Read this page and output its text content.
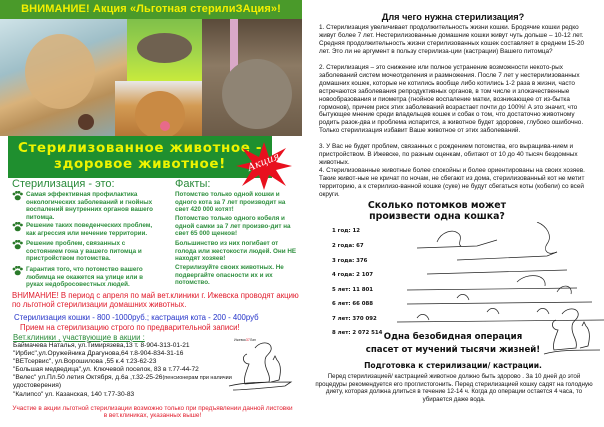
ВНИМАНИЕ! Акция «Льготная стерилиЗАция»!
Стерилизованное животное -
здоровое животное!	Акция
Стерилизация - это:
Самая эффективная профилактика онкологических заболеваний и гнойных воспалений внутренних органов вашего питомца.
Решение таких поведенческих проблем, как агрессия или мечение территории.
Решение проблем, связанных с состоянием гона у вашего питомца и пристройством потомства.
Гарантия того, что потомство вашего любимца не окажется на улице или в руках недобросовестных людей.
Факты:
Потомство только одной кошки и одного кота за 7 лет производит на свет 420 000 котят!
Потомство только одного кобеля и одной самки за 7 лет произво-дит на свет 65 000 щенков!
Большинство из них погибает от голода или жестокости людей. Они НЕ находят хозяев!
Стерилизуйте своих животных. Не подвергайте опасности их и их потомство.
ВНИМАНИЕ! В период с апреля по май вет.клиники г. Ижевска проводят акцию по льготной стерилизации домашних животных.
Стерилизация кошки - 800 -1000руб.; кастрация кота - 200 - 400руб
Прием на стерилизацию строго по предварительной записи!
Вет.клиники , участвующие в акции :
Баймачева Наталья, ул.Тимирязева,13 т. 8-904-313-01-21
"Ирбис",ул.Оружейника Драгунова,64 т.8-904-834-31-16
"ВЕТсервис", ул.Ворошилова ,55 к.4 т.23-62-23
"Большая медведица",ул. Ключевой поселок, 83 в т.77-44-72
"Велес" ул.Пл.50 летия Октября, д.6а ,т.32-25-26(пенсионерам при наличии
удостоверения)
"Калипсо" ул. Казанская, 140 т.77-30-83
Ижевск37Лап
Участие в акции льготной стерилизации возможно только при предъявлении данной листовки в вет.клиниках, указанных выше!
Для чего нужна стерилизация?
1. Стерилизация увеличивает продолжительность жизни кошки. Бродячие кошки редко живут более 7 лет. Нестерилизованные домашние кошки живут чуть дольше – 10-12 лет. Средняя продолжительность жизни стерилизованных кошек составляет в среднем 15-20 лет. Это ли не аргумент в пользу стерилиза-ции (кастрации) Вашего питомца?
2. Стерилизация – это снижение или полное устранение возможности некото-рых заболеваний систем мочеотделения и размножения. После 7 лет у нестерилизованных домашних кошек, которые не котились вообще либо котились 1-2 раза в жизни, часто встречаются заболевания репродуктивных органов, в том числе и злокачественные новообразования и пиометра (гнойное воспаление матки, возникающее от из-бытка гормонов), причем риск этих заболеваний возрастает почти до 100%! А это значит, что бытующее мнение среди владельцев кошек и собак о том, что достаточно животному родить разок-два и проблема испарится, а животное будет здоровее, глубоко ошибочно. Только стерилизация избавит Ваше животное от этих заболеваний.
3. У Вас не будет проблем, связанных с рождением потомства, его выращива-нием и пристройством. В Ижевске, по разным оценкам, обитают от 10 до 40 тысяч бездомных животных.
4. Стерилизованные животные более спокойны и более ориентированы на своих хозяев. Такие живот-ные не кричат по ночам, не сбегают из дома, стерилизованный кот не метит территорию, а к стерилизо-ванной кошке (суке) не будут сбегаться коты (кобели) со всей округи.
Сколько потомков может
произвести одна кошка?
1 год: 12
2 года: 67
3 года: 376
4 года: 2 107
5 лет: 11 801
6 лет: 66 088
7 лет: 370 092
8 лет: 2 072 514 Одна безобидная операция
спасет от мучений тысячи жизней!
Подготовка к стерилизации/ кастрации.
Перед стерилизацией/ кастрацией животное должно быть здорово . За 10 дней до этой процедуры рекомендуется его проглистогонить. Перед стерилизацией кошку садят на голодную диету, которая должна длиться в течение 12-14 ч. Когда до операции остается 4 часа, то убирается даже вода.
